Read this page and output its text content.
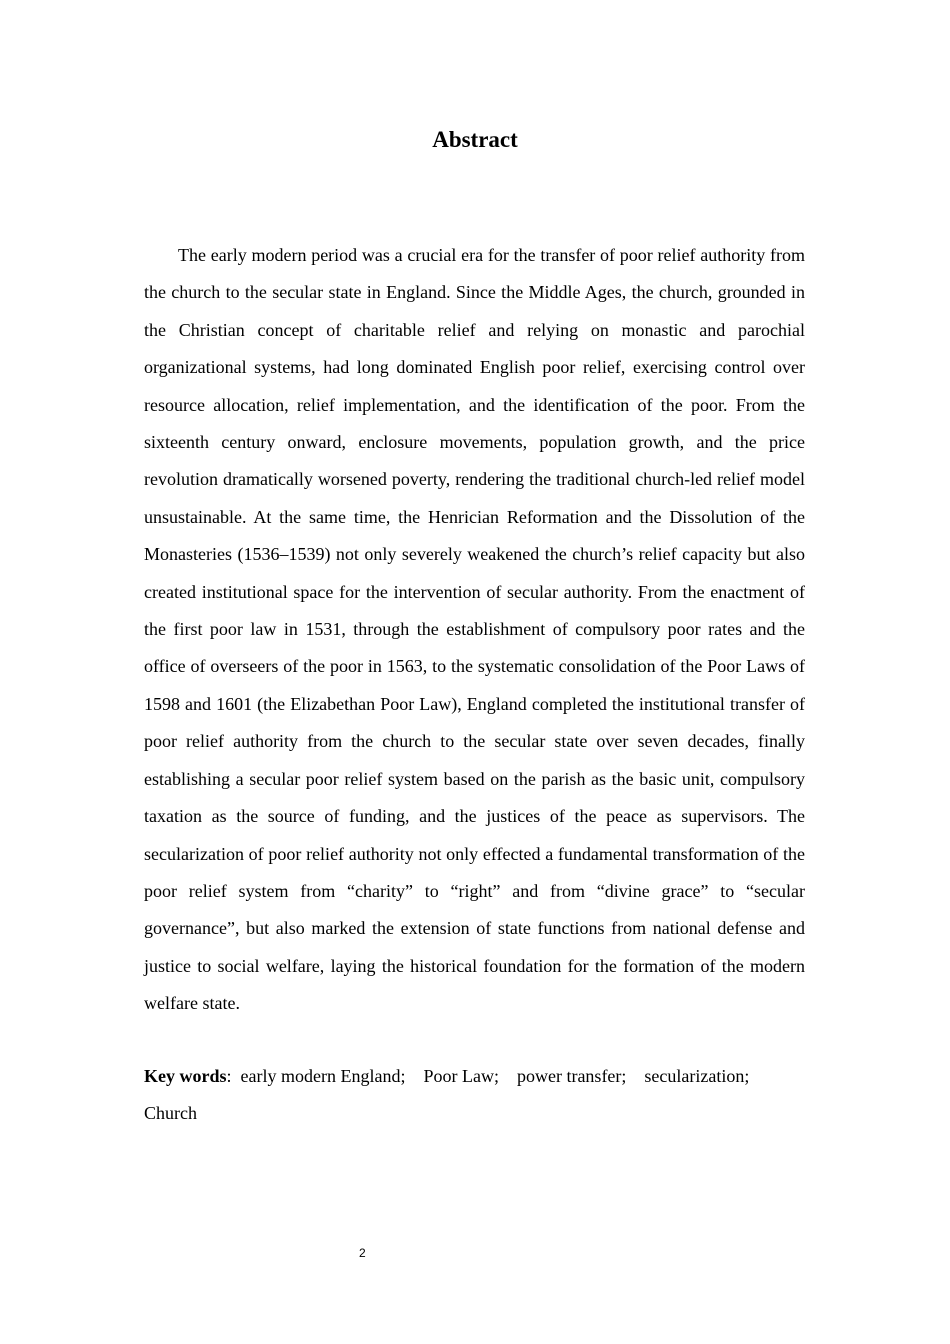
Abstract

The early modern period was a crucial era for the transfer of poor relief authority from the church to the secular state in England. Since the Middle Ages, the church, grounded in the Christian concept of charitable relief and relying on monastic and parochial organizational systems, had long dominated English poor relief, exercising control over resource allocation, relief implementation, and the identification of the poor. From the sixteenth century onward, enclosure movements, population growth, and the price revolution dramatically worsened poverty, rendering the traditional church-led relief model unsustainable. At the same time, the Henrician Reformation and the Dissolution of the Monasteries (1536–1539) not only severely weakened the church’s relief capacity but also created institutional space for the intervention of secular authority. From the enactment of the first poor law in 1531, through the establishment of compulsory poor rates and the office of overseers of the poor in 1563, to the systematic consolidation of the Poor Laws of 1598 and 1601 (the Elizabethan Poor Law), England completed the institutional transfer of poor relief authority from the church to the secular state over seven decades, finally establishing a secular poor relief system based on the parish as the basic unit, compulsory taxation as the source of funding, and the justices of the peace as supervisors. The secularization of poor relief authority not only effected a fundamental transformation of the poor relief system from “charity” to “right” and from “divine grace” to “secular governance”, but also marked the extension of state functions from national defense and justice to social welfare, laying the historical foundation for the formation of the modern welfare state.

Key words: early modern England; Poor Law; power transfer; secularization;
Church

2
